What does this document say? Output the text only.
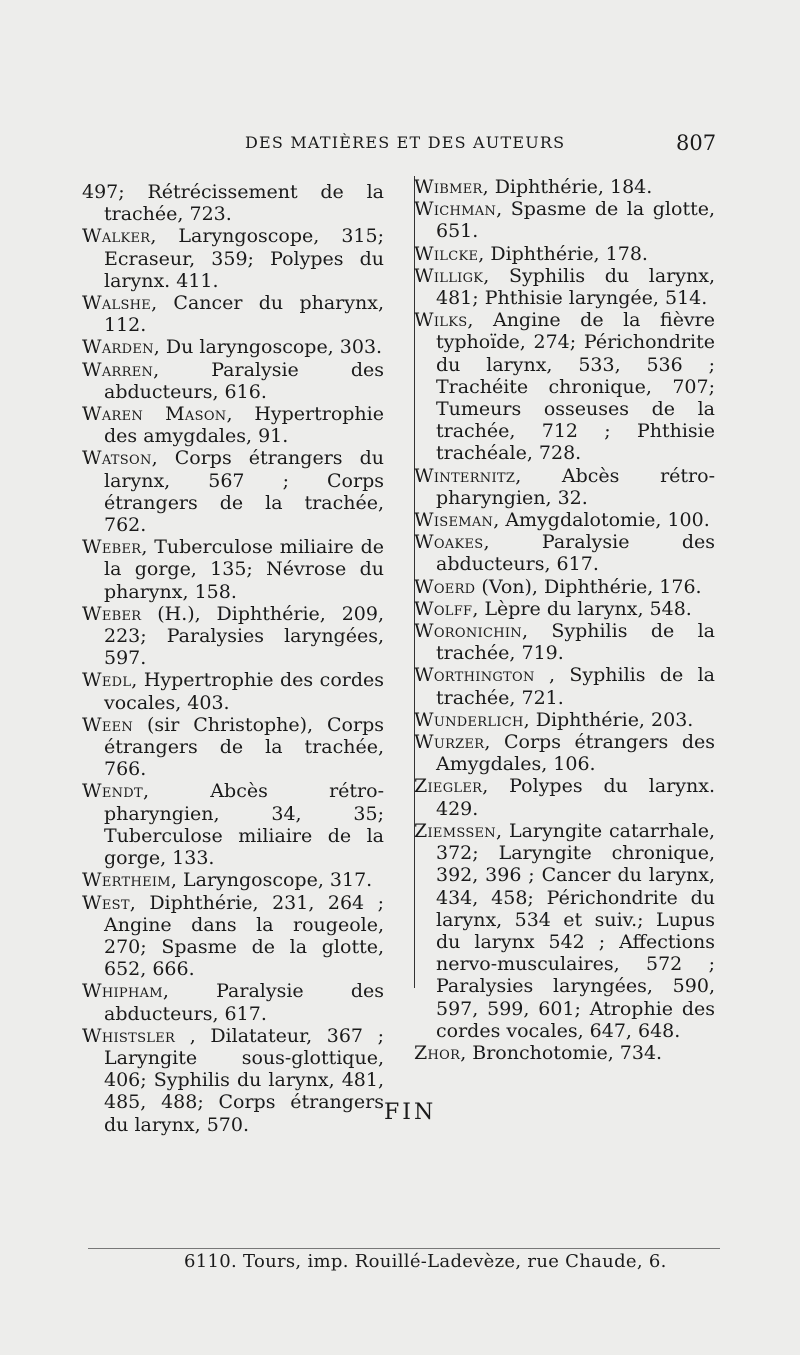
DES MATIÈRES ET DES AUTEURS	807
497; Rétrécissement de la trachée, 723.
Walker, Laryngoscope, 315; Ecraseur, 359; Polypes du larynx. 411.
Walshe, Cancer du pharynx, 112.
Warden, Du laryngoscope, 303.
Warren, Paralysie des abducteurs, 616.
Waren Mason, Hypertrophie des amygdales, 91.
Watson, Corps étrangers du larynx, 567 ; Corps étrangers de la trachée, 762.
Weber, Tuberculose miliaire de la gorge, 135; Névrose du pharynx, 158.
Weber (H.), Diphthérie, 209, 223; Paralysies laryngées, 597.
Wedl, Hypertrophie des cordes vocales, 403.
Ween (sir Christophe), Corps étrangers de la trachée, 766.
Wendt, Abcès rétro-pharyngien, 34, 35; Tuberculose miliaire de la gorge, 133.
Wertheim, Laryngoscope, 317.
West, Diphthérie, 231, 264 ; Angine dans la rougeole, 270; Spasme de la glotte, 652, 666.
Whipham, Paralysie des abducteurs, 617.
Whistsler , Dilatateur, 367 ; Laryngite sous-glottique, 406; Syphilis du larynx, 481, 485, 488; Corps étrangers du larynx, 570.
Wibmer, Diphthérie, 184.
Wichman, Spasme de la glotte, 651.
Wilcke, Diphthérie, 178.
Willigk, Syphilis du larynx, 481; Phthisie laryngée, 514.
Wilks, Angine de la fièvre typhoïde, 274; Périchondrite du larynx, 533, 536 ; Trachéite chronique, 707; Tumeurs osseuses de la trachée, 712 ; Phthisie trachéale, 728.
Winternitz, Abcès rétro-pharyngien, 32.
Wiseman, Amygdalotomie, 100.
Woakes, Paralysie des abducteurs, 617.
Woerd (Von), Diphthérie, 176.
Wolff, Lèpre du larynx, 548.
Woronichin, Syphilis de la trachée, 719.
Worthington , Syphilis de la trachée, 721.
Wunderlich, Diphthérie, 203.
Wurzer, Corps étrangers des Amygdales, 106.
Ziegler, Polypes du larynx. 429.
Ziemssen, Laryngite catarrhale, 372; Laryngite chronique, 392, 396 ; Cancer du larynx, 434, 458; Périchondrite du larynx, 534 et suiv.; Lupus du larynx 542 ; Affections nervo-musculaires, 572 ; Paralysies laryngées, 590, 597, 599, 601; Atrophie des cordes vocales, 647, 648.
Zhor, Bronchotomie, 734.
FIN
6110. Tours, imp. Rouillé-Ladevèze, rue Chaude, 6.
